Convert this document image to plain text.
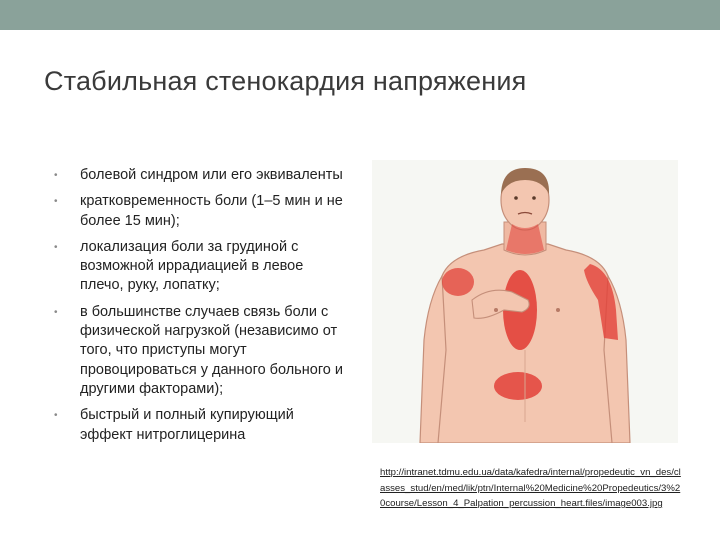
Стабильная стенокардия напряжения
• болевой синдром или его эквиваленты
• кратковременность боли (1–5 мин и не более 15 мин);
• локализация боли за грудиной с возможной иррадиацией в левое плечо, руку, лопатку;
• в большинстве случаев связь боли с физической нагрузкой (независимо от того, что приступы могут провоцироваться у данного больного и другими факторами);
• быстрый и полный купирующий эффект нитроглицерина
http://intranet.tdmu.edu.ua/data/kafedra/internal/propedeutic_vn_des/classes_stud/en/med/lik/ptn/Internal%20Medicine%20Propedeutics/3%20course/Lesson_4_Palpation_percussion_heart.files/image003.jpg
